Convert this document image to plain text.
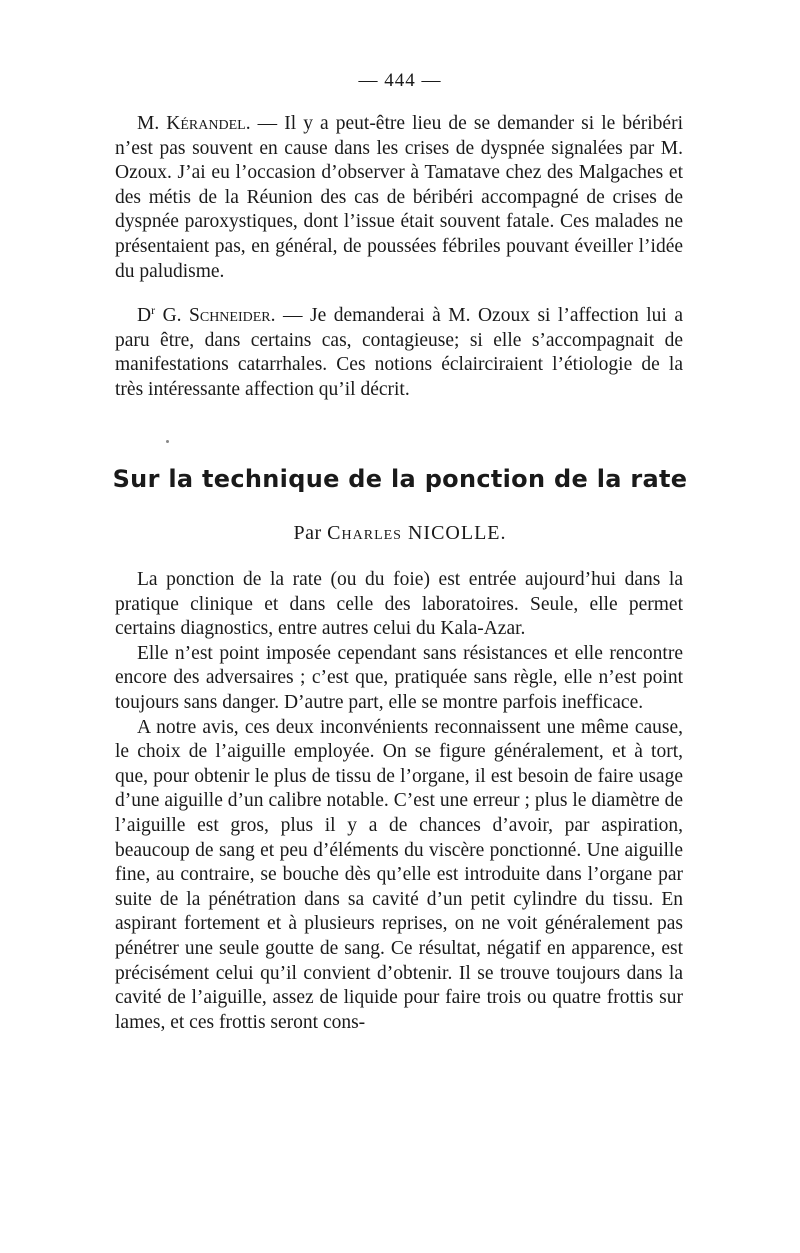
— 444 —

M. Kérandel. — Il y a peut-être lieu de se demander si le béribéri n’est pas souvent en cause dans les crises de dyspnée signalées par M. Ozoux. J’ai eu l’occasion d’observer à Tamatave chez des Malgaches et des métis de la Réunion des cas de béribéri accompagné de crises de dyspnée paroxystiques, dont l’issue était souvent fatale. Ces malades ne présentaient pas, en général, de poussées fébriles pouvant éveiller l’idée du paludisme.

$D^r$ G. Schneider. — Je demanderai à M. Ozoux si l’affection lui a paru être, dans certains cas, contagieuse; si elle s’accompagnait de manifestations catarrhales. Ces notions éclairciraient l’étiologie de la très intéressante affection qu’il décrit.

Sur la technique de la ponction de la rate
Par Charles NICOLLE.

La ponction de la rate (ou du foie) est entrée aujourd’hui dans la pratique clinique et dans celle des laboratoires. Seule, elle permet certains diagnostics, entre autres celui du Kala-Azar.

Elle n’est point imposée cependant sans résistances et elle rencontre encore des adversaires ; c’est que, pratiquée sans règle, elle n’est point toujours sans danger. D’autre part, elle se montre parfois inefficace.

A notre avis, ces deux inconvénients reconnaissent une même cause, le choix de l’aiguille employée. On se figure généralement, et à tort, que, pour obtenir le plus de tissu de l’organe, il est besoin de faire usage d’une aiguille d’un calibre notable. C’est une erreur ; plus le diamètre de l’aiguille est gros, plus il y a de chances d’avoir, par aspiration, beaucoup de sang et peu d’éléments du viscère ponctionné. Une aiguille fine, au contraire, se bouche dès qu’elle est introduite dans l’organe par suite de la pénétration dans sa cavité d’un petit cylindre du tissu. En aspirant fortement et à plusieurs reprises, on ne voit généralement pas pénétrer une seule goutte de sang. Ce résultat, négatif en apparence, est précisément celui qu’il convient d’obtenir. Il se trouve toujours dans la cavité de l’aiguille, assez de liquide pour faire trois ou quatre frottis sur lames, et ces frottis seront cons-
